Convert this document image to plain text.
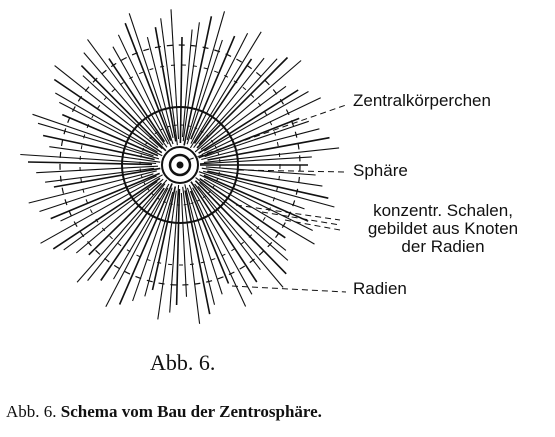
Zentralkörperchen
Sphäre
konzentr. Schalen,
gebildet aus Knoten
der Radien
Radien
Abb. 6.
Abb. 6. Schema vom Bau der Zentrosphäre.
